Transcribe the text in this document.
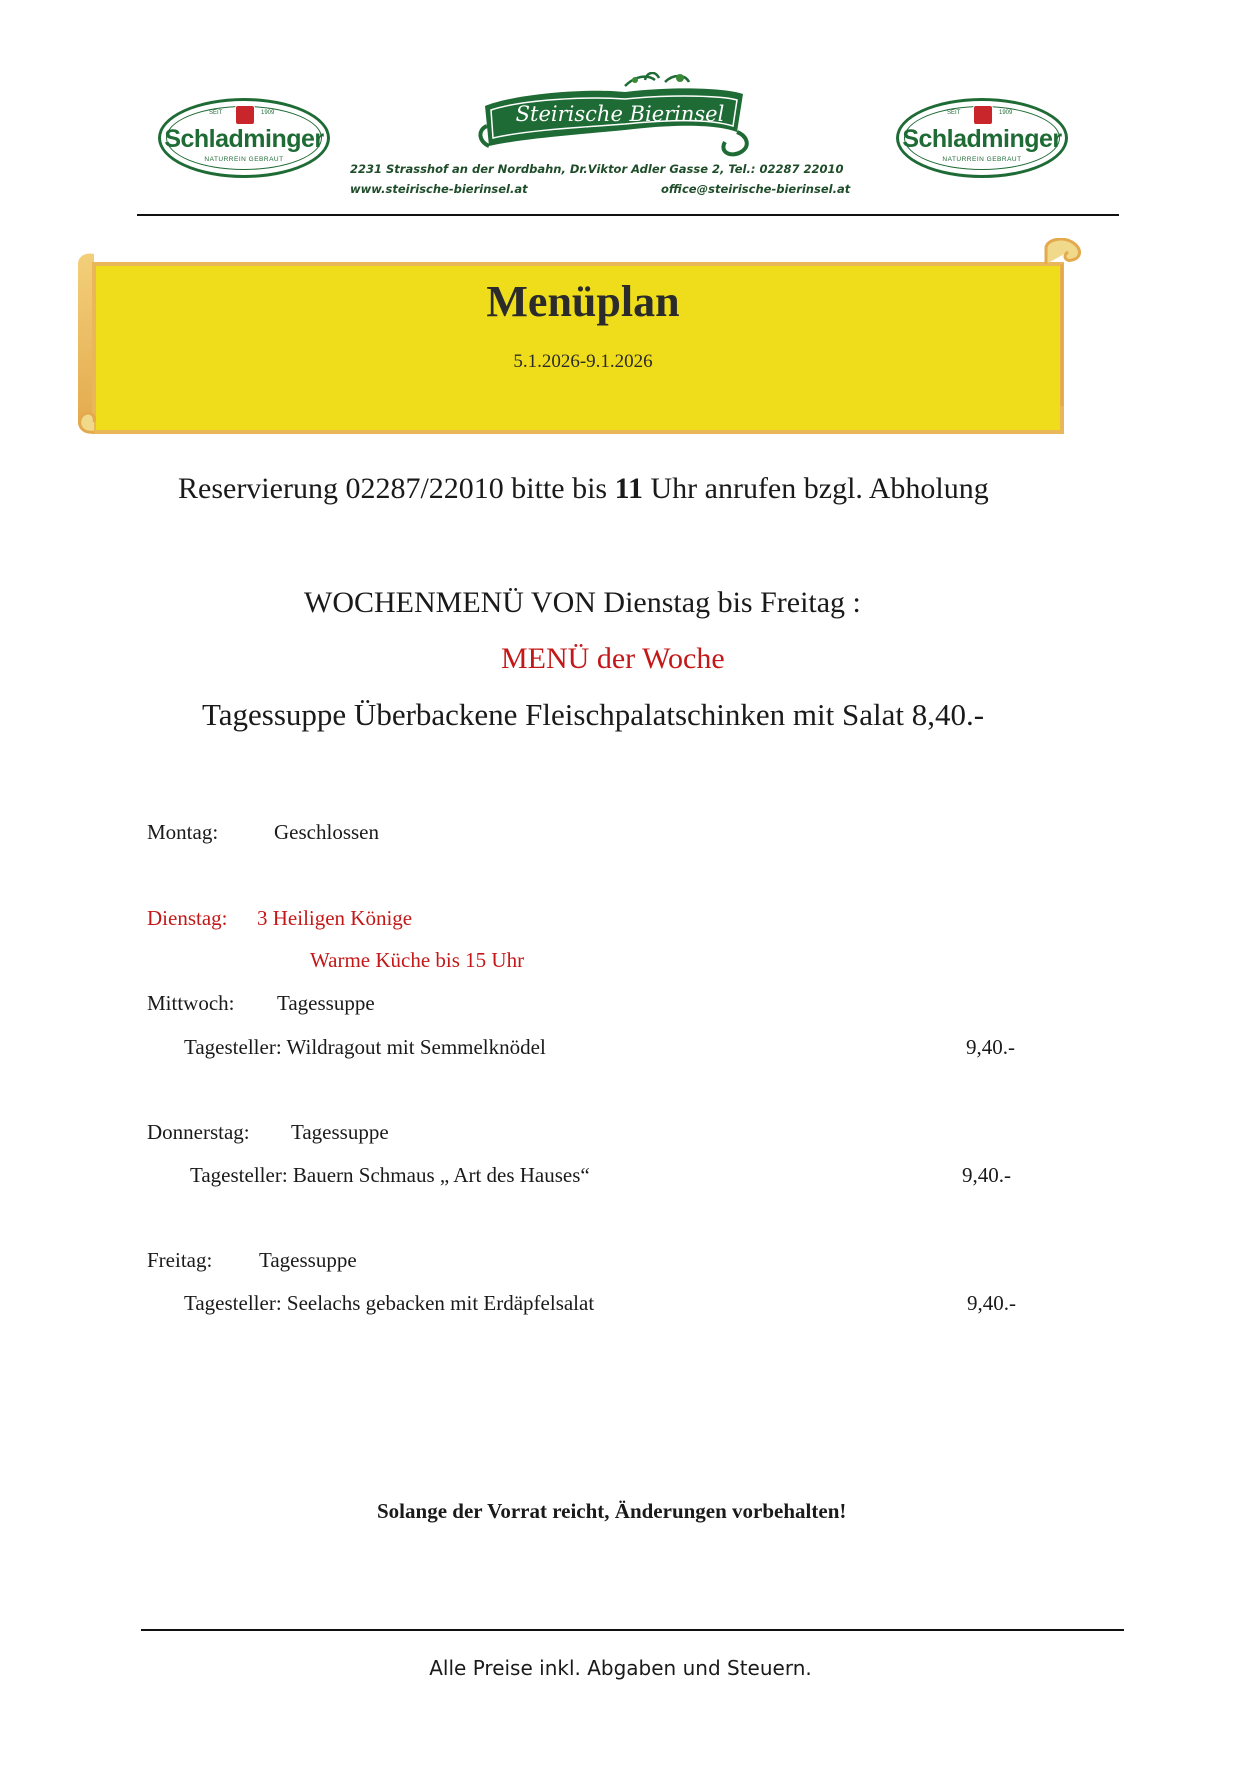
SEIT	1909
Schladminger
NATURREIN GEBRAUT
SEIT	1909
Schladminger
NATURREIN GEBRAUT
Steirische Bierinsel
2231 Strasshof an der Nordbahn, Dr.Viktor Adler Gasse 2, Tel.: 02287 22010
www.steirische-bierinsel.at	office@steirische-bierinsel.at
Menüplan
5.1.2026-9.1.2026
Reservierung 02287/22010 bitte bis 11 Uhr anrufen bzgl. Abholung
WOCHENMENÜ VON Dienstag bis Freitag :
MENÜ der Woche
Tagessuppe Überbackene Fleischpalatschinken mit Salat 8,40.-
Montag:	Geschlossen
Dienstag: 3 Heiligen Könige
Warme Küche bis 15 Uhr
Mittwoch: Tagessuppe
Tagesteller: Wildragout mit Semmelknödel	9,40.-
Donnerstag: Tagessuppe
Tagesteller: Bauern Schmaus „ Art des Hauses“	9,40.-
Freitag: Tagessuppe
Tagesteller: Seelachs gebacken mit Erdäpfelsalat	9,40.-
Solange der Vorrat reicht, Änderungen vorbehalten!
Alle Preise inkl. Abgaben und Steuern.
